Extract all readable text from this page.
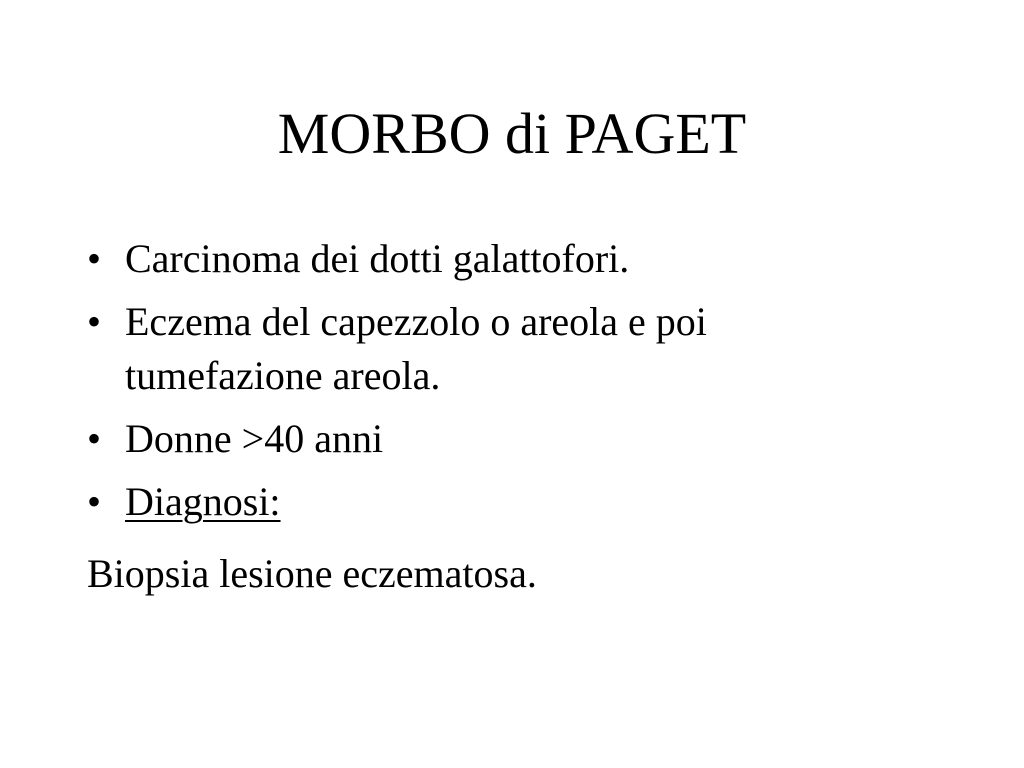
MORBO di PAGET
• Carcinoma dei dotti galattofori.
• Eczema del capezzolo o areola e poi tumefazione areola.
• Donne >40 anni
• Diagnosi:

Biopsia lesione eczematosa.
